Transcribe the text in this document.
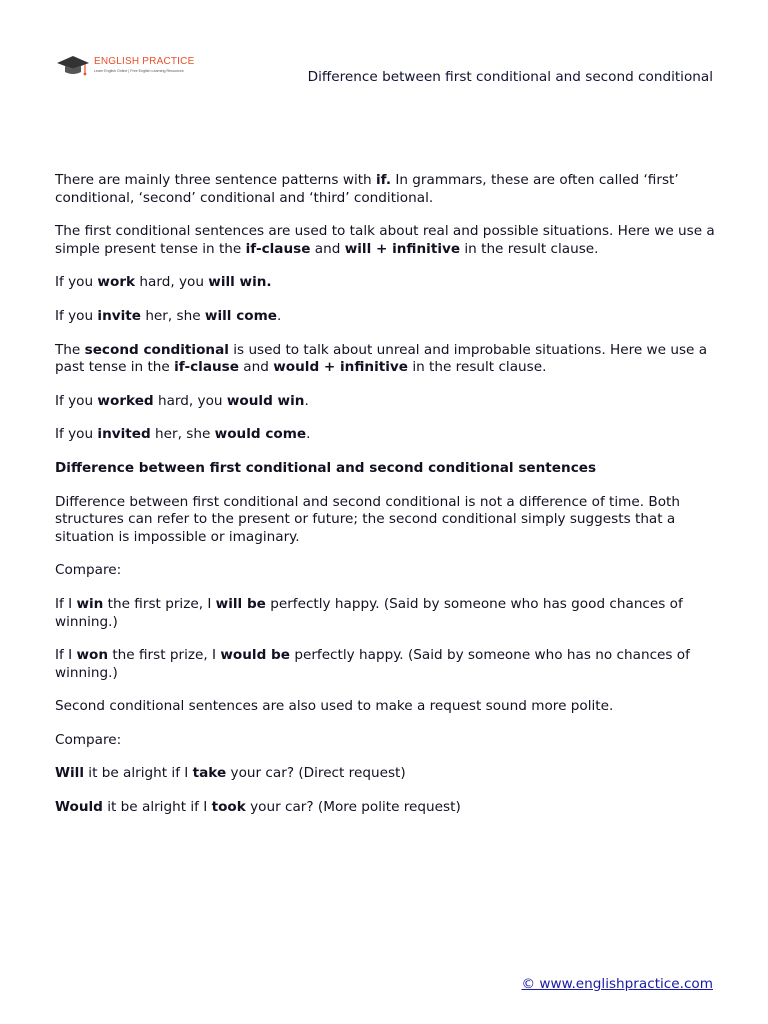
ENGLISH PRACTICE
Learn English Online | Free English Learning Resources	Difference between first conditional and second conditional

There are mainly three sentence patterns with if. In grammars, these are often called ‘first’ conditional, ‘second’ conditional and ‘third’ conditional.

The first conditional sentences are used to talk about real and possible situations. Here we use a simple present tense in the if-clause and will + infinitive in the result clause.

If you work hard, you will win.

If you invite her, she will come.

The second conditional is used to talk about unreal and improbable situations. Here we use a past tense in the if-clause and would + infinitive in the result clause.

If you worked hard, you would win.

If you invited her, she would come.

Difference between first conditional and second conditional sentences

Difference between first conditional and second conditional is not a difference of time. Both structures can refer to the present or future; the second conditional simply suggests that a situation is impossible or imaginary.

Compare:

If I win the first prize, I will be perfectly happy. (Said by someone who has good chances of winning.)

If I won the first prize, I would be perfectly happy. (Said by someone who has no chances of winning.)

Second conditional sentences are also used to make a request sound more polite.

Compare:

Will it be alright if I take your car? (Direct request)

Would it be alright if I took your car? (More polite request)

© www.englishpractice.com
